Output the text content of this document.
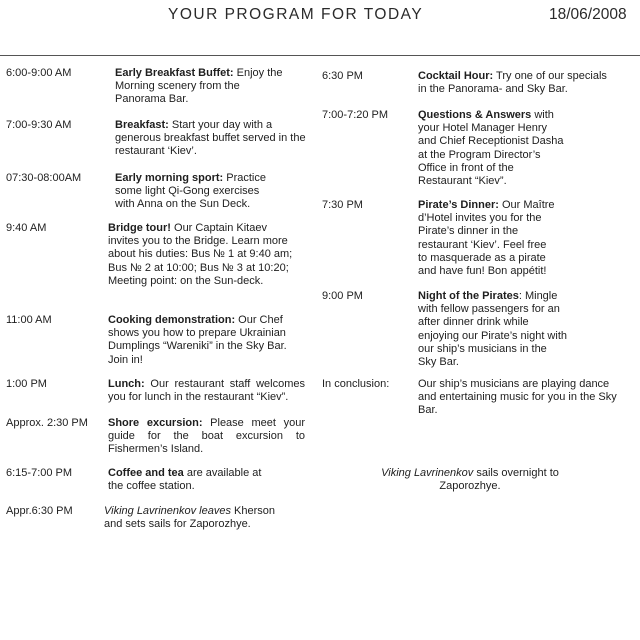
YOUR PROGRAM FOR TODAY	18/06/2008
6:00-9:00 AM	Early Breakfast Buffet: Enjoy the Morning scenery from the Panorama Bar.
7:00-9:30 AM	Breakfast: Start your day with a generous breakfast buffet served in the restaurant ‘Kiev’.
07:30-08:00AM	Early morning sport: Practice some light Qi-Gong exercises with Anna on the Sun Deck.
9:40 AM	Bridge tour! Our Captain Kitaev invites you to the Bridge. Learn more about his duties: Bus № 1 at 9:40 am; Bus № 2 at 10:00; Bus № 3 at 10:20; Meeting point: on the Sun-deck.
11:00 AM	Cooking demonstration: Our Chef shows you how to prepare Ukrainian Dumplings “Wareniki” in the Sky Bar. Join in!
1:00 PM	Lunch: Our restaurant staff welcomes you for lunch in the restaurant “Kiev”.
Approx. 2:30 PM Shore excursion: Please meet your guide for the boat excursion to Fishermen’s Island.
6:15-7:00 PM	Coffee and tea are available at the coffee station.
Appr.6:30 PM	Viking Lavrinenkov leaves Kherson and sets sails for Zaporozhye.
6:30 PM	Cocktail Hour: Try one of our specials in the Panorama- and Sky Bar.
7:00-7:20 PM	Questions & Answers with your Hotel Manager Henry and Chief Receptionist Dasha at the Program Director’s Office in front of the Restaurant “Kiev”.
7:30 PM	Pirate’s Dinner: Our Maître d’Hotel invites you for the Pirate’s dinner in the restaurant ‘Kiev’. Feel free to masquerade as a pirate and have fun! Bon appétit!
9:00 PM	Night of the Pirates: Mingle with fellow passengers for an after dinner drink while enjoying our Pirate’s night with our ship’s musicians in the Sky Bar.
In conclusion:	Our ship’s musicians are playing dance and entertaining music for you in the Sky Bar.
Viking Lavrinenkov sails overnight to Zaporozhye.
